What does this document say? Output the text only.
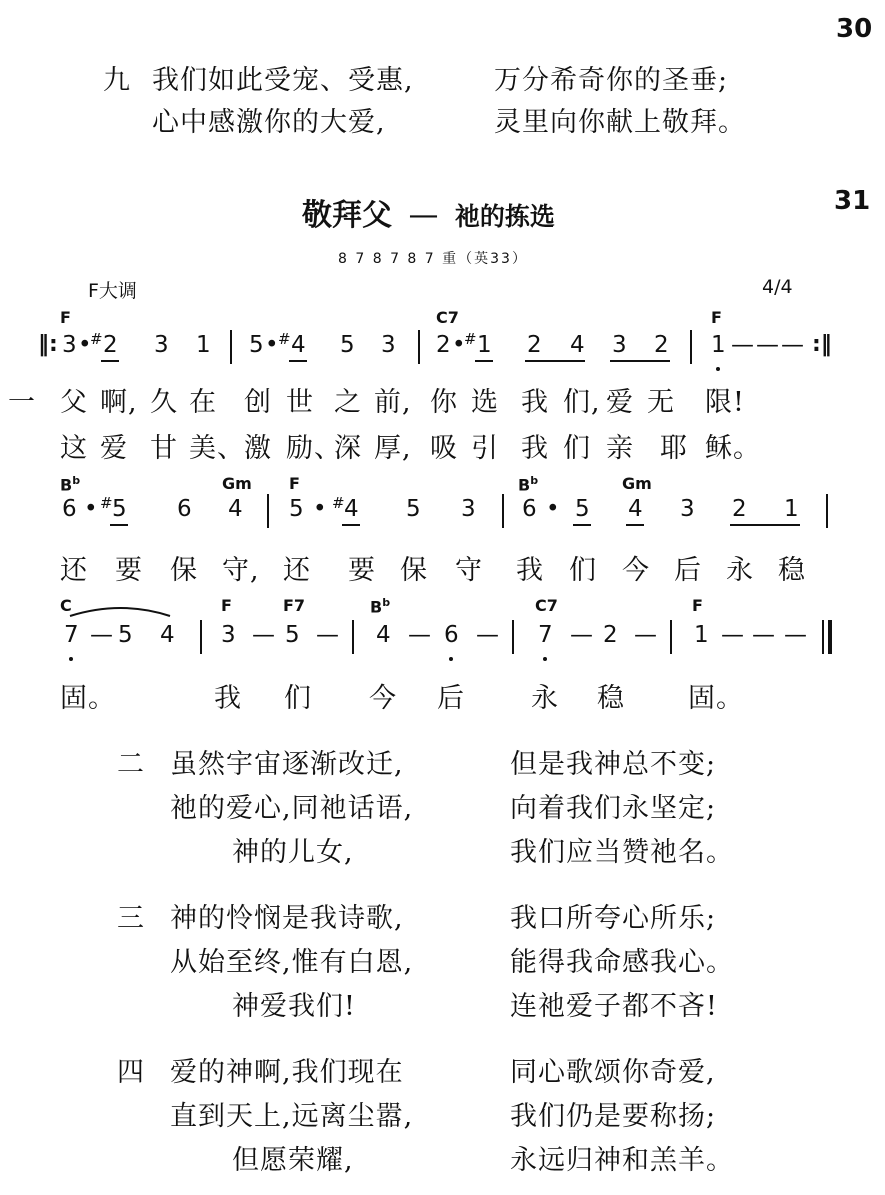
30
31
九 我们如此受宠、受惠,	万分希奇你的圣垂;
心中感激你的大爱,	灵里向你献上敬拜。
敬拜父 — 祂的拣选
8 7 8 7 8 7 重（英33）
F大调	4/4
F	C7	F
‖: 3 •
# 2 3 1 5 • # 4 5 3 2 •
# 1 2 4 3 2 1 — — — :‖
一 父 啊, 久 在 创 世 之 前, 你 选 我 们, 爱 无 限!
这 爱 甘 美、 激 励、
深 厚, 吸 引 我 们 亲 耶 稣。
$B^b$	Gm F	$B^b$	Gm
6 • # 5 6 4 5 • # 4 5 3 6 • 5 4 3 2 1
还 要 保 守, 还 要 保 守 我 们 今 后 永 稳
C	F	F7	$B^b$	C7	F
7 — 5 4 3 — 5 — 4 — 6 — 7 — 2 — 1 — — —
固。	我 们 今 后 永 稳 固。
二 虽然宇宙逐渐改迁,	但是我神总不变;
祂的爱心,同祂话语,	向着我们永坚定;
神的儿女,	我们应当赞祂名。
三 神的怜悯是我诗歌,	我口所夸心所乐;
从始至终,惟有白恩,	能得我命感我心。
神爱我们!	连祂爱子都不吝!
四 爱的神啊,我们现在	同心歌颂你奇爱,
直到天上,远离尘嚣,	我们仍是要称扬;
但愿荣耀,	永远归神和羔羊。
